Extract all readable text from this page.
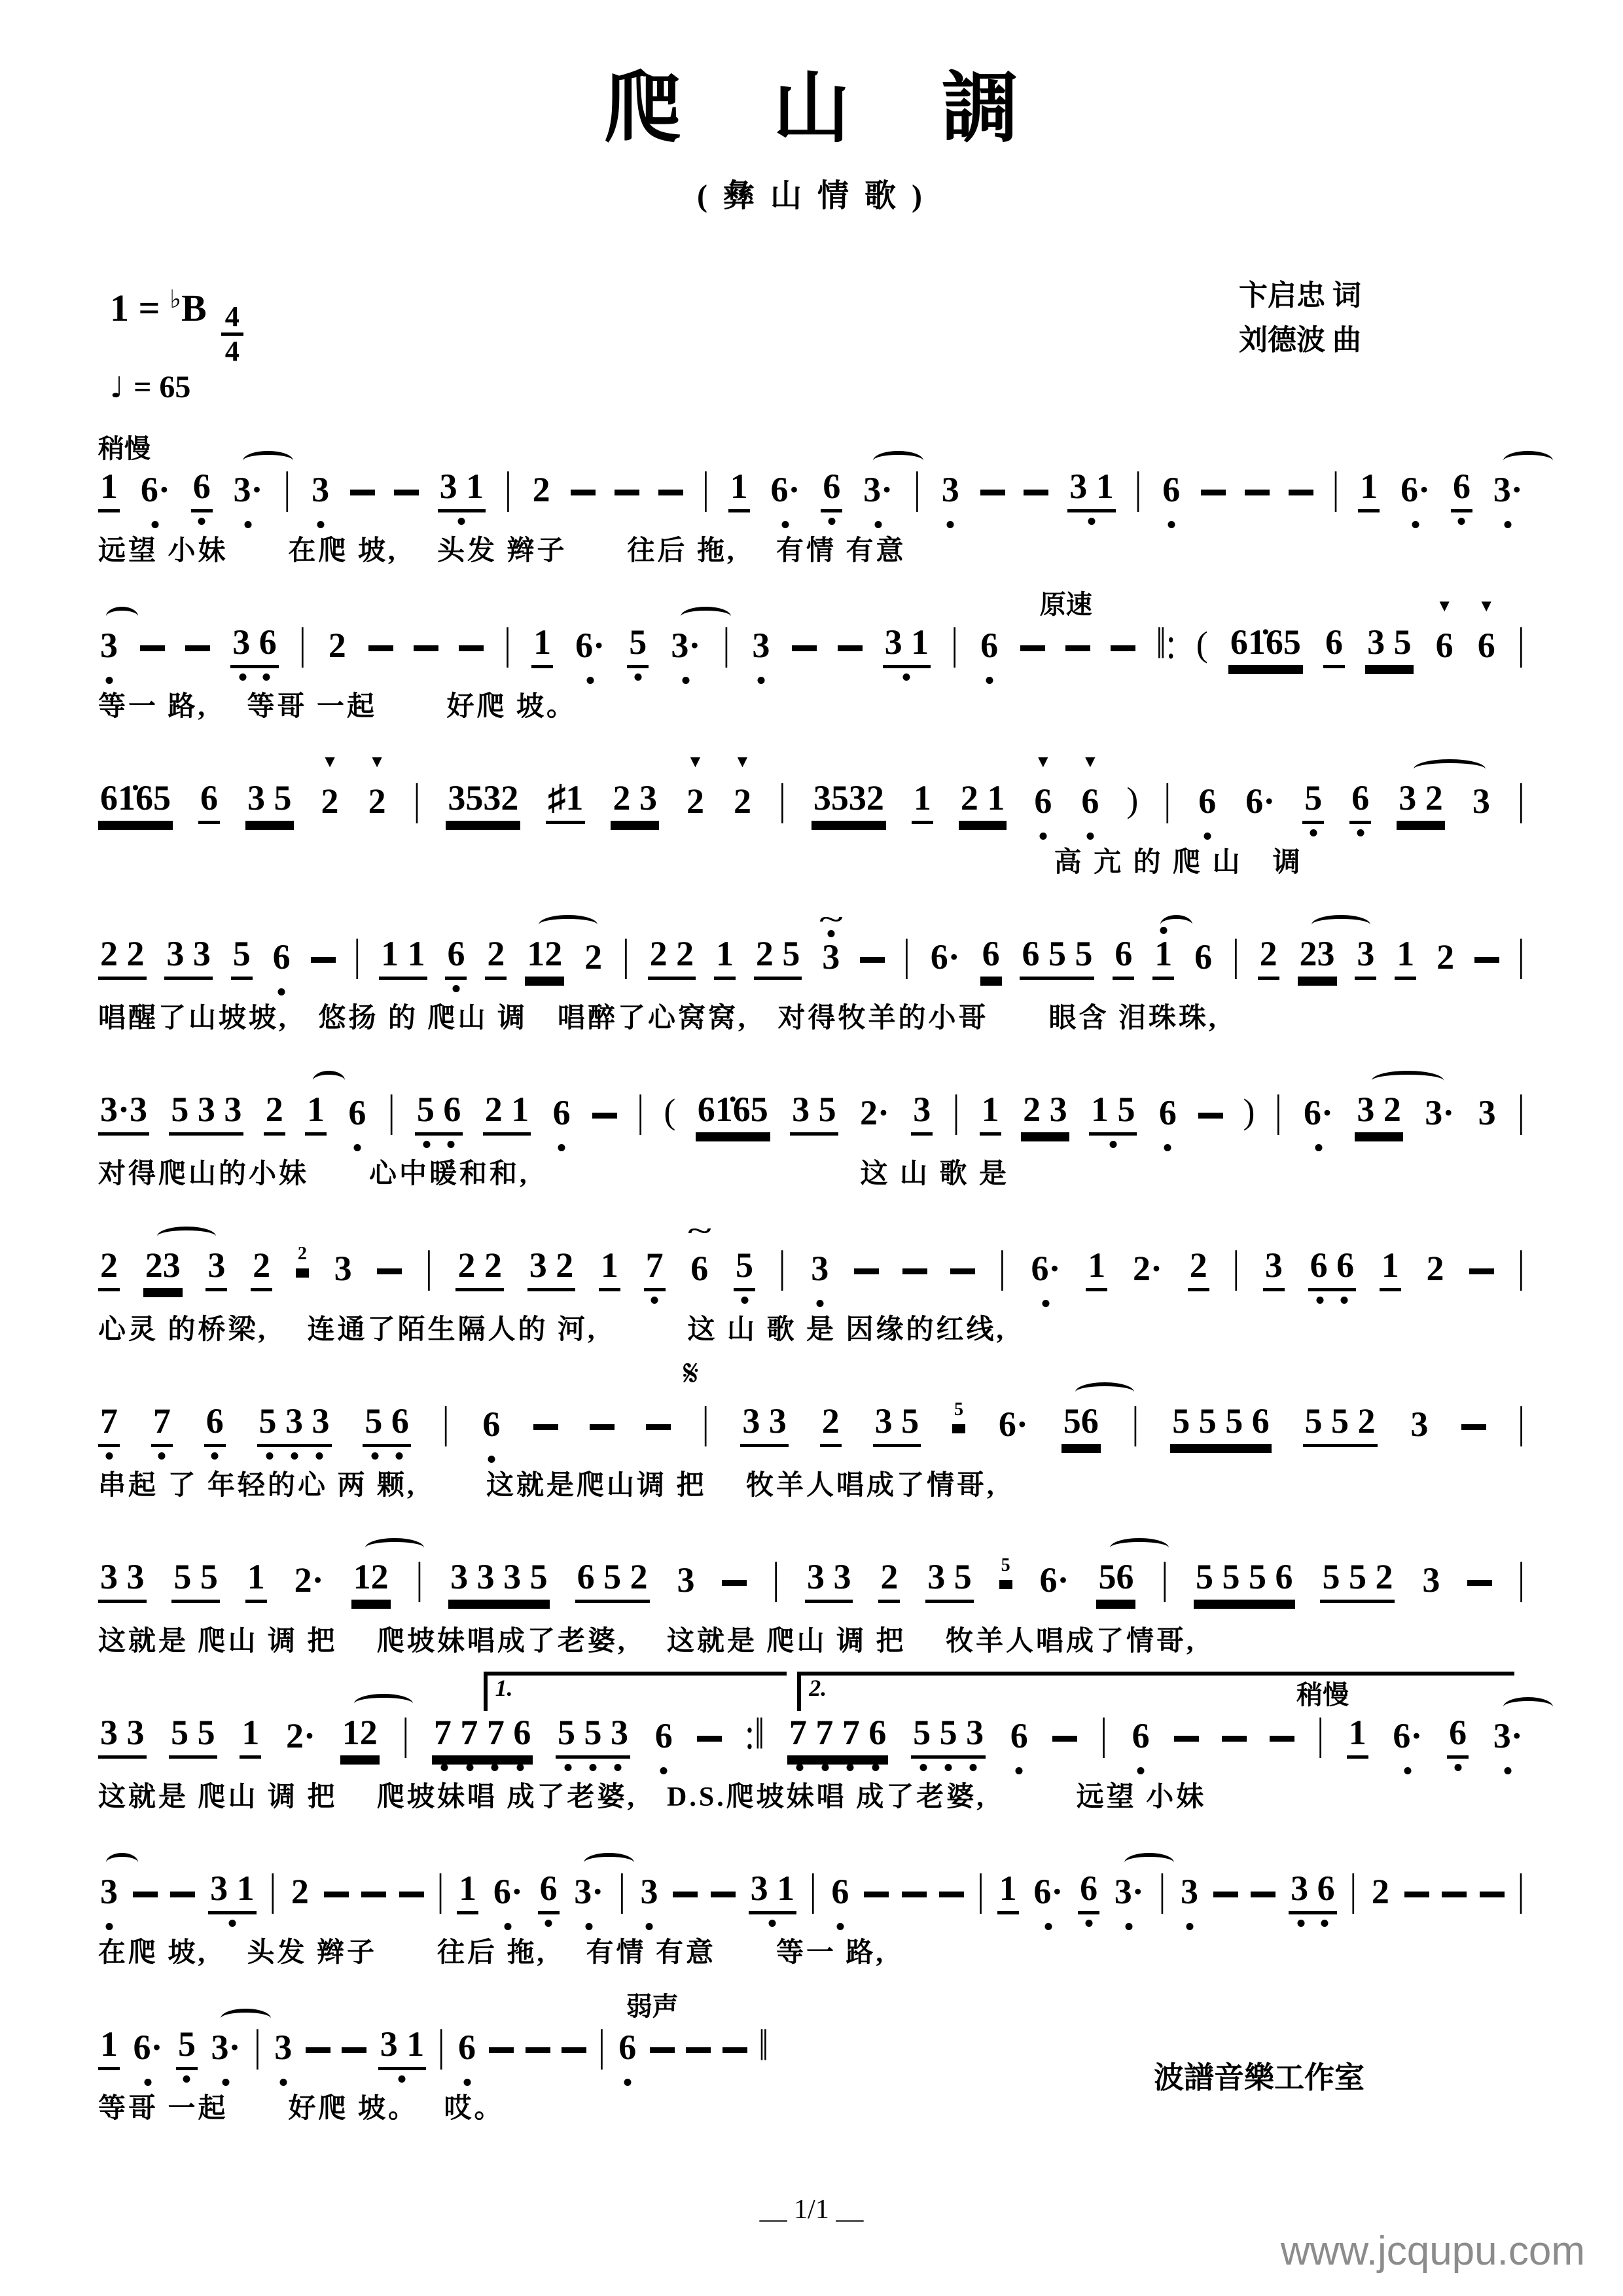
爬 山 調
( 彝 山 情 歌 )
卞启忠 词
刘德波 曲
$1 = ^♭B \frac{4}{4}$
♩ = 65
稍慢
1 6· 6 3· | 3	3 1 | 2	| 1 6· 6 3· | 3	3 1 | 6	| 1 6· 6 3·
远望 小妹　　在爬 坡,　 头发 辫子　　往后 拖,　 有情 有意
原速
3	3 6 | 2	| 1 6· 5 3· | 3	3 1 | 6	‖: ( 61̇65 6 3 5 6
▼
6
▼
|
等一 路,　 等哥 一起　　 好爬 坡。
61̇65 6 3 5 2
▼
2
▼
| 3532 ♯1 2 3 2
▼
2
▼
| 3532 1 2 1 6
▼
6
▼
) | 6 6· 5 6 3 2 3 |
高 亢 的 爬 山　调
2 2 3 3 5 6 | 1 1 6 2 12 2 | 2 2 1 2 5 3
~
| 6· 6 6 5 5 6 1 6 | 2 23 3 1 2 |
唱醒了山坡坡,　悠扬 的 爬山 调　唱醉了心窝窝,　对得牧羊的小哥　　眼含 泪珠珠,
3·3 5 3 3 2 1 6 | 5 6 2 1 6 | ( 61̇65 3 5 2· 3 | 1 2 3 1 5 6 ) | 6· 3 2 3· 3 |
对得爬山的小妹　　心中暖和和,　　　　　　　　　　　这 山 歌 是
2 23 3 2 2 3 | 2 2 3 2 1 7 6
~
5 | 3	| 6· 1 2· 2 | 3 6 6 1 2 |
心灵 的桥梁,　 连通了陌生隔人的 河,　　　这 山 歌 是 因缘的红线,
𝄋
7 7 6 5 3 3 5 6 | 6	| 3 3 2 3 5 5 6· 56 | 5 5 5 6 5 5 2 3	|
串起 了 年轻的心 两 颗,　　 这就是爬山调 把　 牧羊人唱成了情哥,
3 3 5 5 1 2· 12 | 3 3 3 5 6 5 2 3 | 3 3 2 3 5 5 6· 56 | 5 5 5 6 5 5 2 3 |
这就是 爬山 调 把　 爬坡妹唱成了老婆,　 这就是 爬山 调 把　 牧羊人唱成了情哥,
1.	2.	稍慢
3 3 5 5 1 2· 12 | 7 7 7 6 5 5 3 6 :‖ 7 7 7 6 5 5 3 6 | 6	| 1 6· 6 3·
这就是 爬山 调 把　 爬坡妹唱 成了老婆,　D.S.爬坡妹唱 成了老婆,　　　远望 小妹
3	3 1 | 2	| 1 6· 6 3· | 3	3 1 | 6	| 1 6· 6 3· | 3	3 6 | 2	|
在爬 坡,　 头发 辫子　　往后 拖,　 有情 有意　　等一 路,
弱声
1 6· 5 3· | 3 3 1 | 6	| 6	‖
等哥 一起　　好爬 坡。　 哎。
波譜音樂工作室
__ 1/1 __
www.jcqupu.com
